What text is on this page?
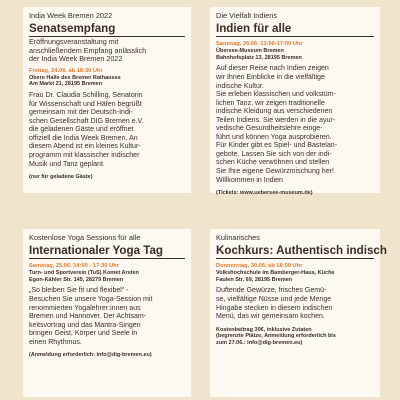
India Week Bremen 2022
Senatsempfang
Eröffnungsveranstaltung mit
anschließendem Empfang anlässlich
der India Week Bremen 2022
Freitag, 24.06. ab 18:30 Uhr
Obere Halle des Bremer Rathauses
Am Markt 21, 28195 Bremen
Frau Dr. Claudia Schilling, Senatorin
für Wissenschaft und Häfen begrüßt
gemeinsam mit der Deutsch-Indi-
schen Gesellschaft DIG Bremen e.V.
die geladenen Gäste und eröffnet
offiziell die India Week Bremen. An
diesem Abend ist ein kleines Kultur-
programm mit klassischer indischer
Musik und Tanz geplant.
(nur für geladene Gäste)
Die Vielfalt Indiens
Indien für alle
Samstag, 26.06. 13:00-17:00 Uhr
Übersee-Museum Bremen
Bahnhofsplatz 13, 28195 Bremen
Auf dieser Reise nach Indien zeigen
wir Ihnen Einblicke in die vielfältige
indische Kultur.
Sie erleben klassischen und volkstüm-
lichen Tanz, wir zeigen traditionelle
indische Kleidung aus verschiedenen
Teilen Indiens. Sie werden in die ayur-
vedische Gesundheitslehre einge-
führt und können Yoga ausprobieren.
Für Kinder gibt es Spiel- und Bastelan-
gebote. Lassen Sie sich von der indi-
schen Küche verwöhnen und stellen
Sie Ihre eigene Gewürzmischung her!
Willkommen in Indien
(Tickets: www.uebersee-museum.de)
Kostenlose Yoga Sessions für alle
Internationaler Yoga Tag
Samstag, 25.06. 14:00 - 17:30 Uhr
Turn- und Sportverein (TuS) Komet Arsten
Egon-Kähler Str. 145, 28279 Bremen
„So bleiben Sie fit und flexibel“ -
Besuchen Sie unsere Yoga-Session mit
renommierten Yogalehrer:innen aus
Bremen und Hannover. Der Achtsam-
keitsvortrag und das Mantra-Singen
bringen Geist, Körper und Seele in
einen Rhythmus.
(Anmeldung erforderlich: info@dig-bremen.eu)
Kulinarisches
Kochkurs: Authentisch indisch
Donnerstag, 30.06. ab 18:00 Uhr
Volkshochschule im Bamberger-Haus, Küche
Faulen Str. 69, 28195 Bremen
Duftende Gewürze, frisches Gemü-
se, vielfältige Nüsse und jede Menge
Hingabe stecken in diesem indischen
Menü, das wir gemeinsam kochen.
Kostenbeitrag 30€, inklusive Zutaten
(begrenzte Plätze, Anmeldung erforderlich bis
zum 27.06.: info@dig-bremen.eu)
